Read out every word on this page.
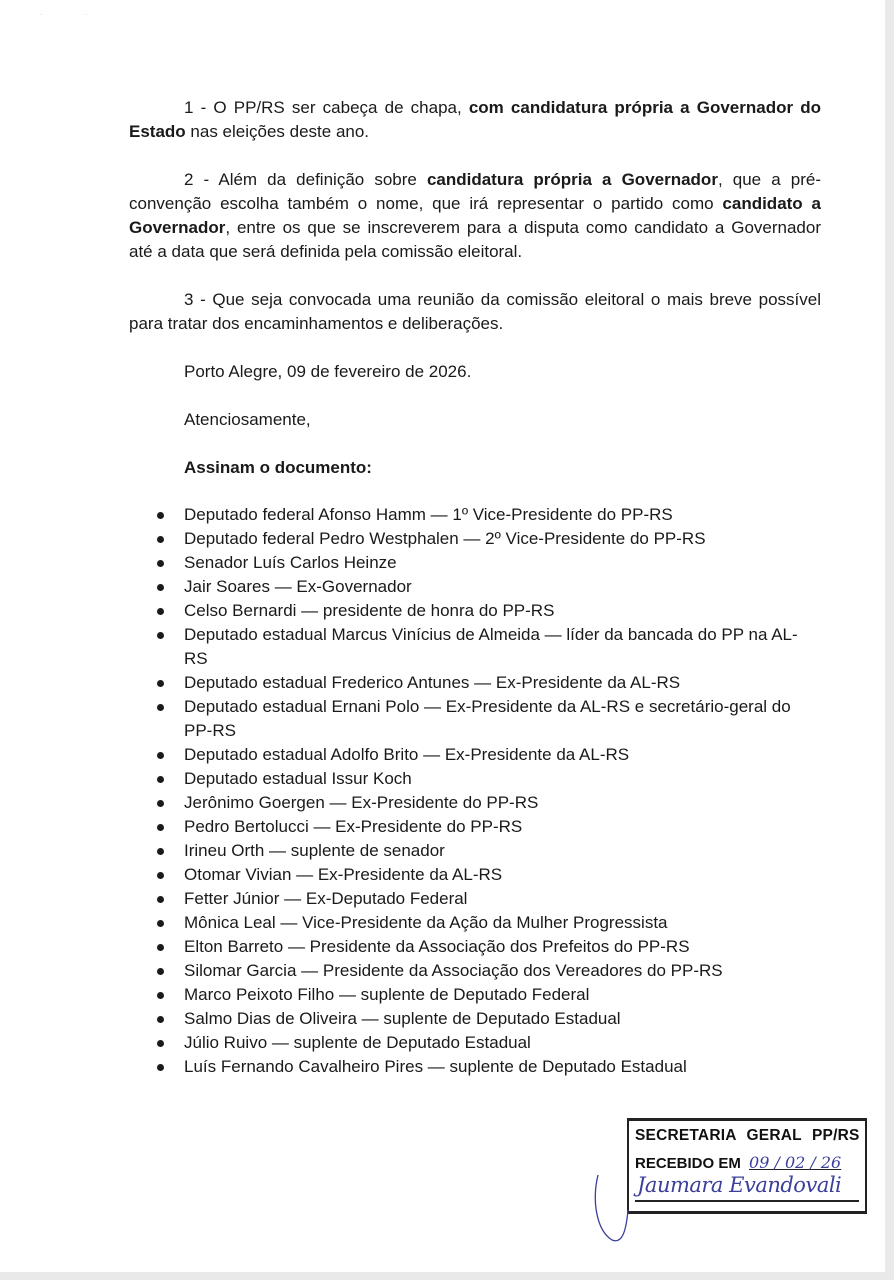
· ·

1 - O PP/RS ser cabeça de chapa, com candidatura própria a Governador do Estado nas eleições deste ano.

2 - Além da definição sobre candidatura própria a Governador, que a pré-convenção escolha também o nome, que irá representar o partido como candidato a Governador, entre os que se inscreverem para a disputa como candidato a Governador até a data que será definida pela comissão eleitoral.

3 - Que seja convocada uma reunião da comissão eleitoral o mais breve possível para tratar dos encaminhamentos e deliberações.

Porto Alegre, 09 de fevereiro de 2026.

Atenciosamente,

Assinam o documento:

Deputado federal Afonso Hamm — 1º Vice-Presidente do PP-RS
Deputado federal Pedro Westphalen — 2º Vice-Presidente do PP-RS
Senador Luís Carlos Heinze
Jair Soares — Ex-Governador
Celso Bernardi — presidente de honra do PP-RS
Deputado estadual Marcus Vinícius de Almeida — líder da bancada do PP na AL-RS
Deputado estadual Frederico Antunes — Ex-Presidente da AL-RS
Deputado estadual Ernani Polo — Ex-Presidente da AL-RS e secretário-geral do PP-RS
Deputado estadual Adolfo Brito — Ex-Presidente da AL-RS
Deputado estadual Issur Koch
Jerônimo Goergen — Ex-Presidente do PP-RS
Pedro Bertolucci — Ex-Presidente do PP-RS
Irineu Orth — suplente de senador
Otomar Vivian — Ex-Presidente da AL-RS
Fetter Júnior — Ex-Deputado Federal
Mônica Leal — Vice-Presidente da Ação da Mulher Progressista
Elton Barreto — Presidente da Associação dos Prefeitos do PP-RS
Silomar Garcia — Presidente da Associação dos Vereadores do PP-RS
Marco Peixoto Filho — suplente de Deputado Federal
Salmo Dias de Oliveira — suplente de Deputado Estadual
Júlio Ruivo — suplente de Deputado Estadual
Luís Fernando Cavalheiro Pires — suplente de Deputado Estadual
SECRETARIA GERAL PP/RS
RECEBIDO EM 09 / 02 / 26
Jaumara Evandovali
